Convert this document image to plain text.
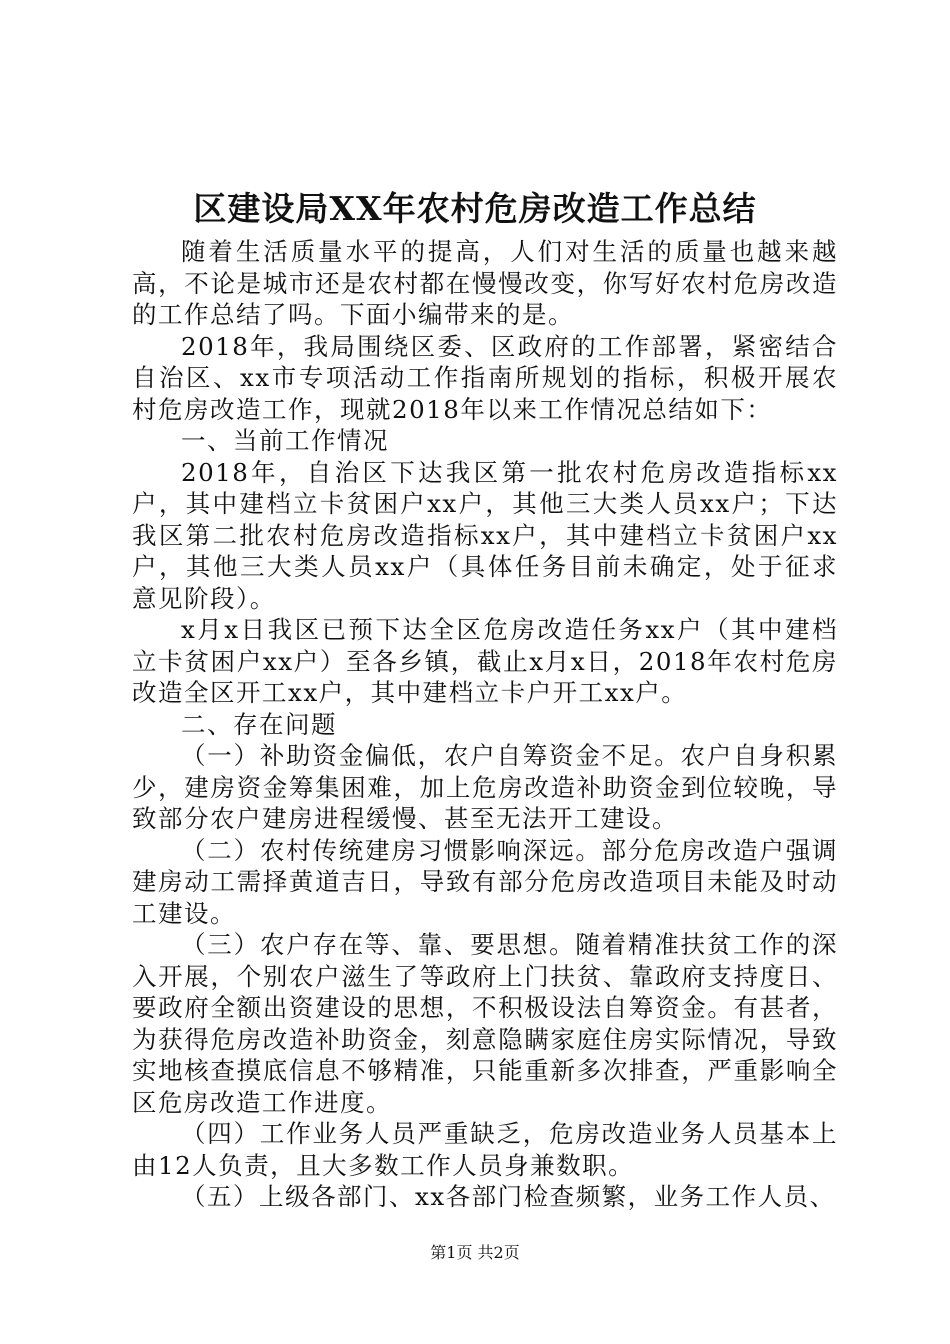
区建设局XX年农村危房改造工作总结

随着生活质量水平的提高，人们对生活的质量也越来越高，不论是城市还是农村都在慢慢改变，你写好农村危房改造的工作总结了吗。下面小编带来的是。

2018年，我局围绕区委、区政府的工作部署，紧密结合自治区、xx市专项活动工作指南所规划的指标，积极开展农村危房改造工作，现就2018年以来工作情况总结如下：

一、当前工作情况

2018年，自治区下达我区第一批农村危房改造指标xx户，其中建档立卡贫困户xx户，其他三大类人员xx户；下达我区第二批农村危房改造指标xx户，其中建档立卡贫困户xx户，其他三大类人员xx户（具体任务目前未确定，处于征求意见阶段）。

x月x日我区已预下达全区危房改造任务xx户（其中建档立卡贫困户xx户）至各乡镇，截止x月x日，2018年农村危房改造全区开工xx户，其中建档立卡户开工xx户。

二、存在问题

（一）补助资金偏低，农户自筹资金不足。农户自身积累少，建房资金筹集困难，加上危房改造补助资金到位较晚，导致部分农户建房进程缓慢、甚至无法开工建设。

（二）农村传统建房习惯影响深远。部分危房改造户强调建房动工需择黄道吉日，导致有部分危房改造项目未能及时动工建设。

（三）农户存在等、靠、要思想。随着精准扶贫工作的深入开展，个别农户滋生了等政府上门扶贫、靠政府支持度日、要政府全额出资建设的思想，不积极设法自筹资金。有甚者，为获得危房改造补助资金，刻意隐瞒家庭住房实际情况，导致实地核查摸底信息不够精准，只能重新多次排查，严重影响全区危房改造工作进度。

（四）工作业务人员严重缺乏，危房改造业务人员基本上由12人负责，且大多数工作人员身兼数职。

（五）上级各部门、xx各部门检查频繁，业务工作人员、

第1页 共2页
